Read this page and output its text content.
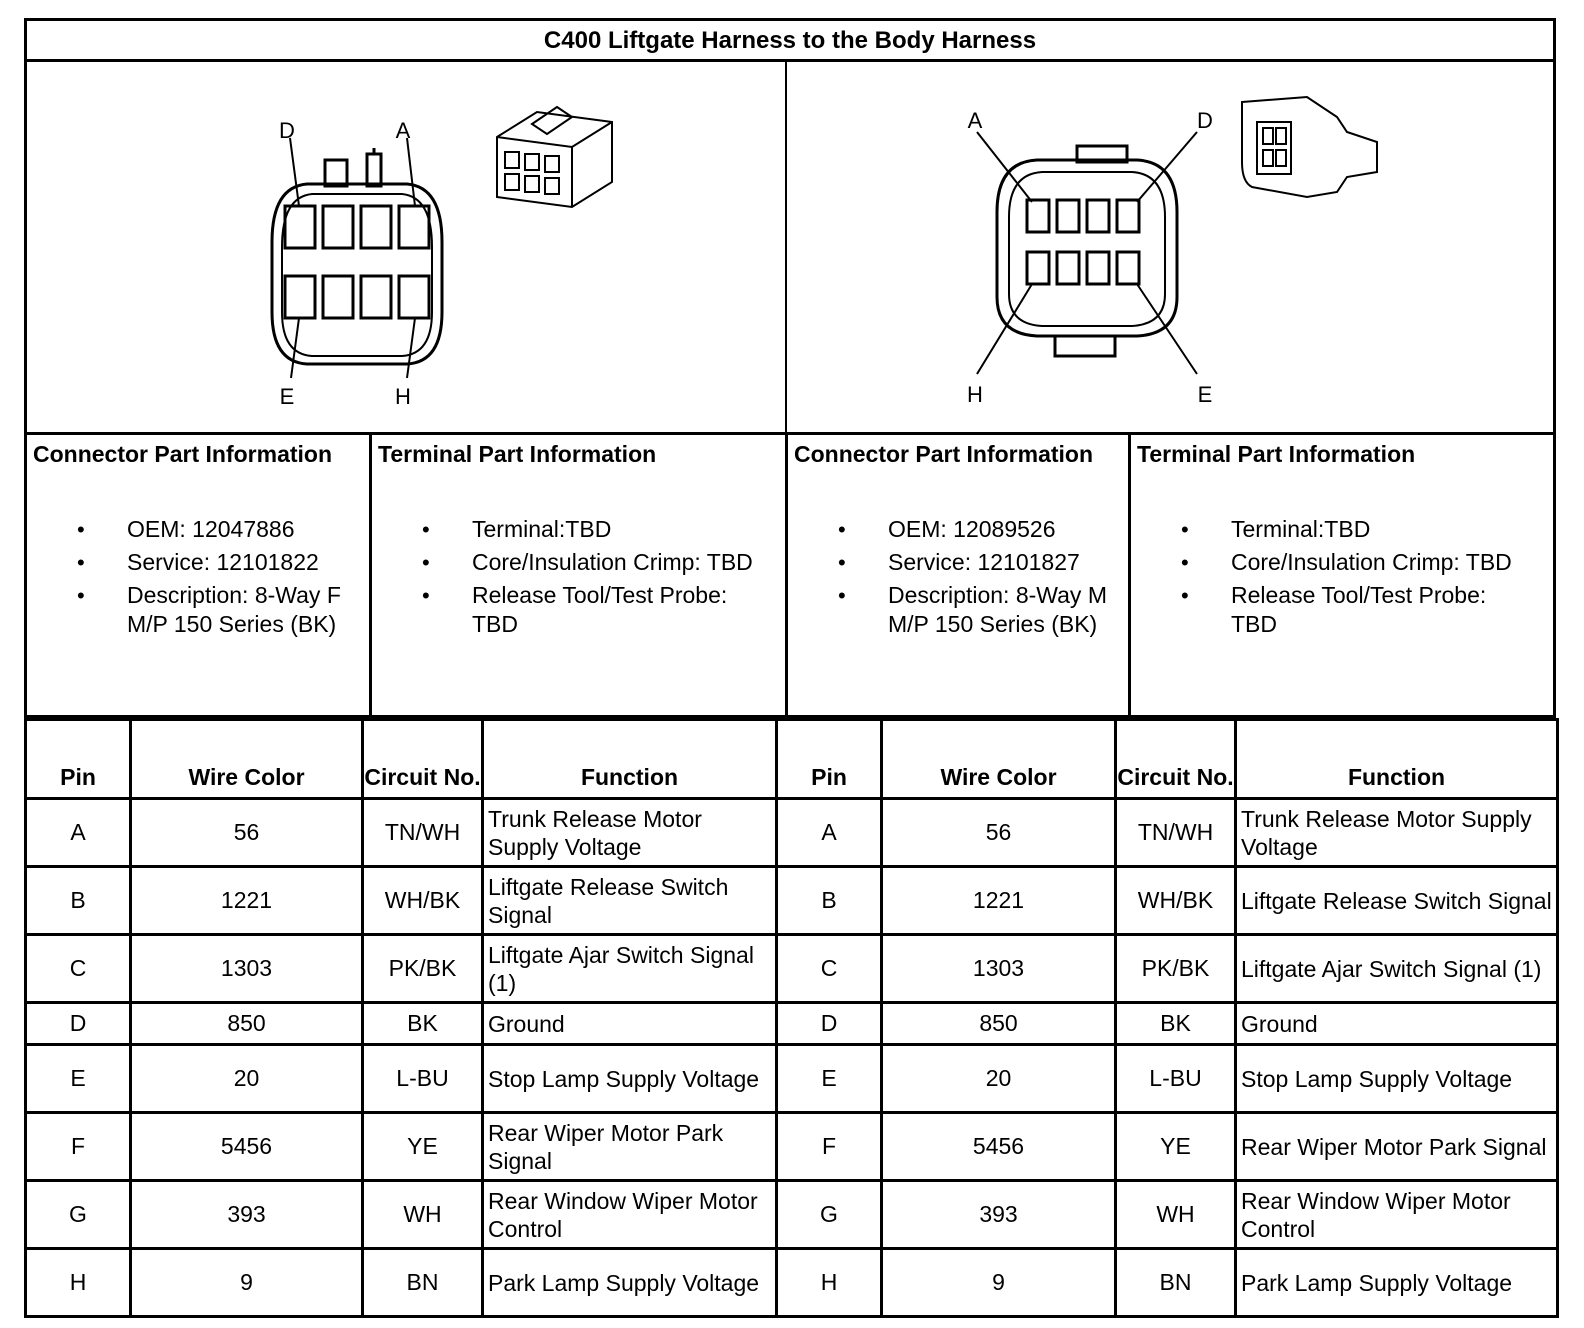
C400 Liftgate Harness to the Body Harness
D	A
E	H
A	D
H	E
Connector Part Information
• OEM: 12047886
• Service: 12101822
• Description: 8-Way F M/P 150 Series (BK)
Terminal Part Information
• Terminal:TBD
• Core/Insulation Crimp: TBD
• Release Tool/Test Probe: TBD
Connector Part Information
• OEM: 12089526
• Service: 12101827
• Description: 8-Way M M/P 150 Series (BK)
Terminal Part Information
• Terminal:TBD
• Core/Insulation Crimp: TBD
• Release Tool/Test Probe: TBD
Pin	Wire Color	Circuit No.	Function	Pin	Wire Color	Circuit No.	Function
A	56	TN/WH	Trunk Release Motor Supply Voltage	A	56	TN/WH	Trunk Release Motor Supply Voltage
B	1221	WH/BK	Liftgate Release Switch Signal	B	1221	WH/BK	Liftgate Release Switch Signal
C	1303	PK/BK	Liftgate Ajar Switch Signal (1)	C	1303	PK/BK	Liftgate Ajar Switch Signal (1)
D	850	BK	Ground	D	850	BK	Ground
E	20	L-BU	Stop Lamp Supply Voltage	E	20	L-BU	Stop Lamp Supply Voltage
F	5456	YE	Rear Wiper Motor Park Signal	F	5456	YE	Rear Wiper Motor Park Signal
G	393	WH	Rear Window Wiper Motor Control	G	393	WH	Rear Window Wiper Motor Control
H	9	BN	Park Lamp Supply Voltage	H	9	BN	Park Lamp Supply Voltage
